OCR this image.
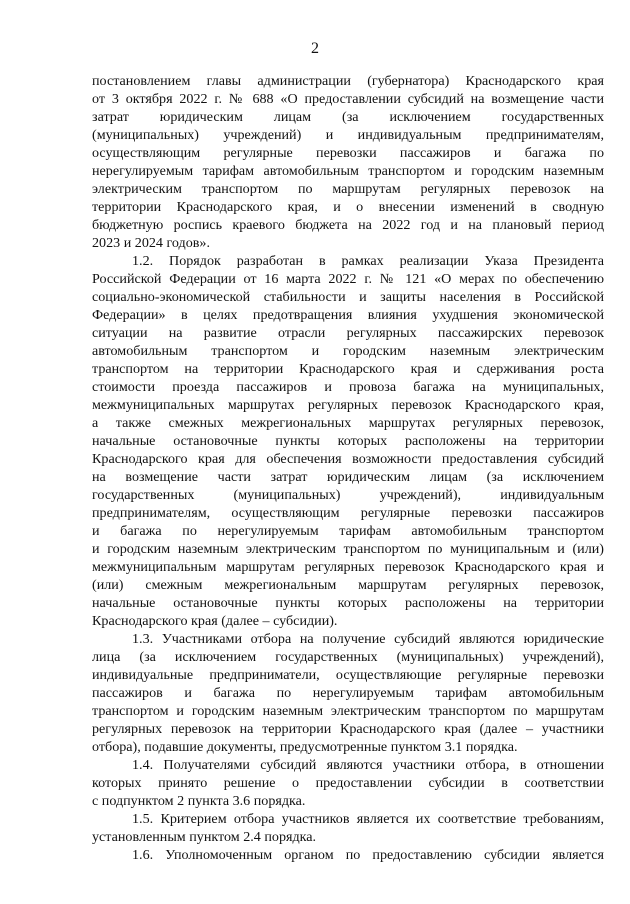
2

постановлением главы администрации (губернатора) Краснодарского края
от 3 октября 2022 г. № 688 «О предоставлении субсидий на возмещение части
затрат юридическим лицам (за исключением государственных
(муниципальных) учреждений) и индивидуальным предпринимателям,
осуществляющим регулярные перевозки пассажиров и багажа по
нерегулируемым тарифам автомобильным транспортом и городским наземным
электрическим транспортом по маршрутам регулярных перевозок на
территории Краснодарского края, и о внесении изменений в сводную
бюджетную роспись краевого бюджета на 2022 год и на плановый период
2023 и 2024 годов».

1.2. Порядок разработан в рамках реализации Указа Президента
Российской Федерации от 16 марта 2022 г. № 121 «О мерах по обеспечению
социально-экономической стабильности и защиты населения в Российской
Федерации» в целях предотвращения влияния ухудшения экономической
ситуации на развитие отрасли регулярных пассажирских перевозок
автомобильным транспортом и городским наземным электрическим
транспортом на территории Краснодарского края и сдерживания роста
стоимости проезда пассажиров и провоза багажа на муниципальных,
межмуниципальных маршрутах регулярных перевозок Краснодарского края,
а также смежных межрегиональных маршрутах регулярных перевозок,
начальные остановочные пункты которых расположены на территории
Краснодарского края для обеспечения возможности предоставления субсидий
на возмещение части затрат юридическим лицам (за исключением
государственных (муниципальных) учреждений), индивидуальным
предпринимателям, осуществляющим регулярные перевозки пассажиров
и багажа по нерегулируемым тарифам автомобильным транспортом
и городским наземным электрическим транспортом по муниципальным и (или)
межмуниципальным маршрутам регулярных перевозок Краснодарского края и
(или) смежным межрегиональным маршрутам регулярных перевозок,
начальные остановочные пункты которых расположены на территории
Краснодарского края (далее – субсидии).

1.3. Участниками отбора на получение субсидий являются юридические
лица (за исключением государственных (муниципальных) учреждений),
индивидуальные предприниматели, осуществляющие регулярные перевозки
пассажиров и багажа по нерегулируемым тарифам автомобильным
транспортом и городским наземным электрическим транспортом по маршрутам
регулярных перевозок на территории Краснодарского края (далее – участники
отбора), подавшие документы, предусмотренные пунктом 3.1 порядка.

1.4. Получателями субсидий являются участники отбора, в отношении
которых принято решение о предоставлении субсидии в соответствии
с подпунктом 2 пункта 3.6 порядка.

1.5. Критерием отбора участников является их соответствие требованиям,
установленным пунктом 2.4 порядка.

1.6. Уполномоченным органом по предоставлению субсидии является
